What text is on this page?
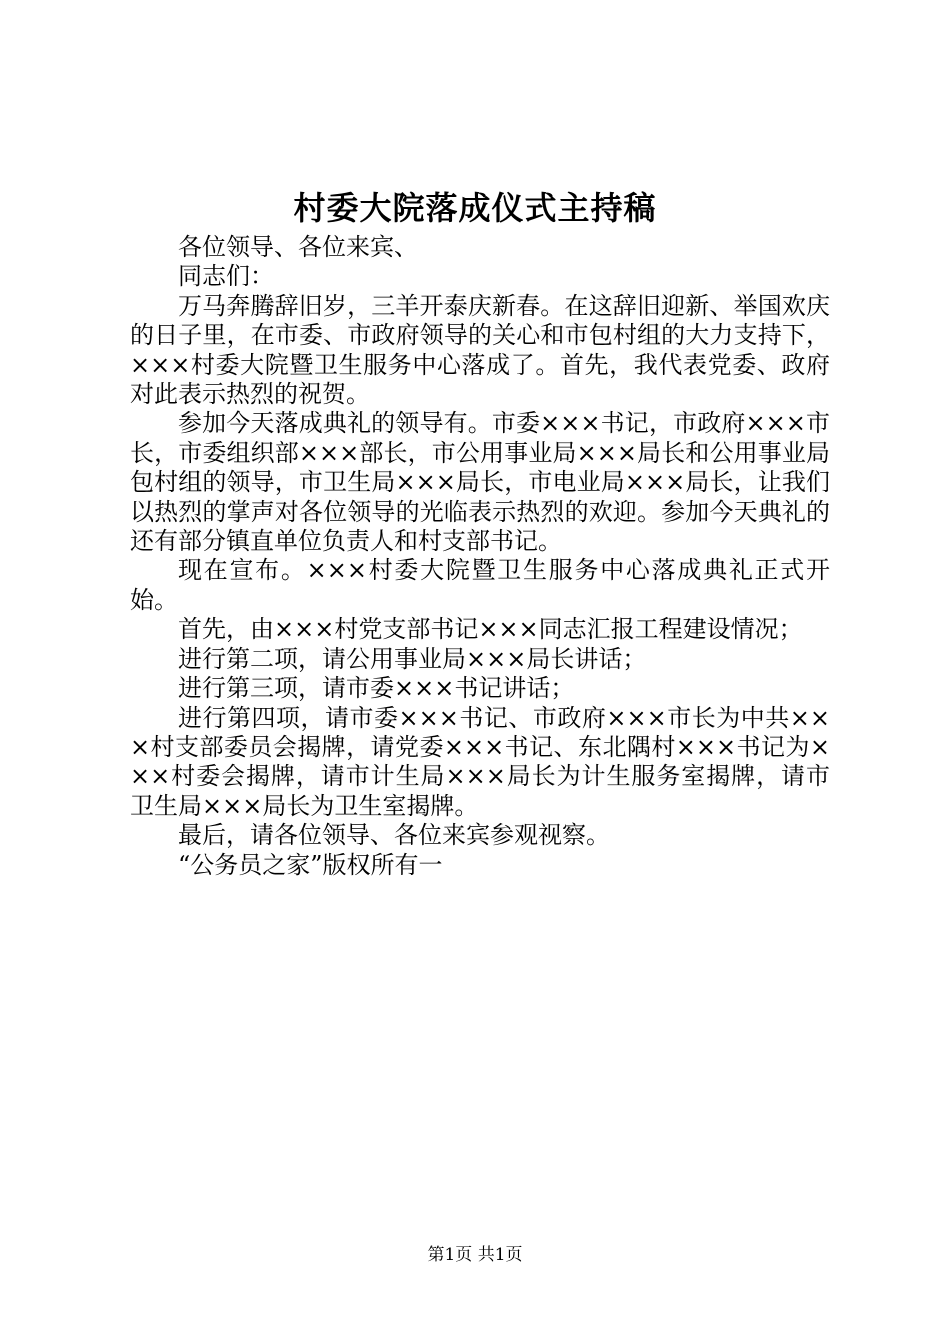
村委大院落成仪式主持稿

各位领导、各位来宾、

同志们：

万马奔腾辞旧岁，三羊开泰庆新春。在这辞旧迎新、举国欢庆的日子里，在市委、市政府领导的关心和市包村组的大力支持下，×××村委大院暨卫生服务中心落成了。首先，我代表党委、政府对此表示热烈的祝贺。

参加今天落成典礼的领导有。市委×××书记，市政府×××市长，市委组织部×××部长，市公用事业局×××局长和公用事业局包村组的领导，市卫生局×××局长，市电业局×××局长，让我们以热烈的掌声对各位领导的光临表示热烈的欢迎。参加今天典礼的还有部分镇直单位负责人和村支部书记。

现在宣布。×××村委大院暨卫生服务中心落成典礼正式开始。

首先，由×××村党支部书记×××同志汇报工程建设情况；

进行第二项，请公用事业局×××局长讲话；

进行第三项，请市委×××书记讲话；

进行第四项，请市委×××书记、市政府×××市长为中共×××村支部委员会揭牌，请党委×××书记、东北隅村×××书记为×××村委会揭牌，请市计生局×××局长为计生服务室揭牌，请市卫生局×××局长为卫生室揭牌。

最后，请各位领导、各位来宾参观视察。

“公务员之家”版权所有一

第1页 共1页
